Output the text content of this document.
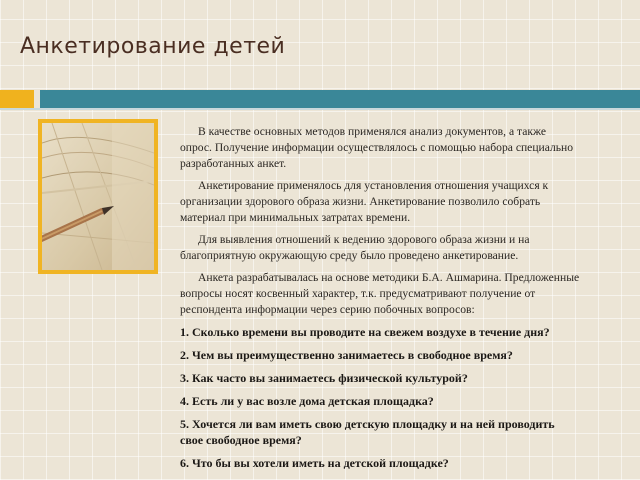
Анкетирование детей

В качестве основных методов применялся анализ документов, а также опрос. Получение информации осуществлялось с помощью набора специально разработанных анкет.

Анкетирование применялось для установления отношения учащихся к организации здорового образа жизни. Анкетирование позволило собрать материал при минимальных затратах времени.

Для выявления отношений к ведению здорового образа жизни и на благоприятную окружающую среду было проведено анкетирование.

Анкета разрабатывалась на основе методики Б.А. Ашмарина. Предложенные вопросы носят косвенный характер, т.к. предусматривают получение от респондента информации через серию побочных вопросов:

1. Сколько времени вы проводите на свежем воздухе в течение дня?

2. Чем вы преимущественно занимаетесь в свободное время?

3. Как часто вы занимаетесь физической культурой?

4. Есть ли у вас возле дома детская площадка?

5. Хочется ли вам иметь свою детскую площадку и на ней проводить свое свободное время?

6. Что бы вы хотели иметь на детской площадке?
